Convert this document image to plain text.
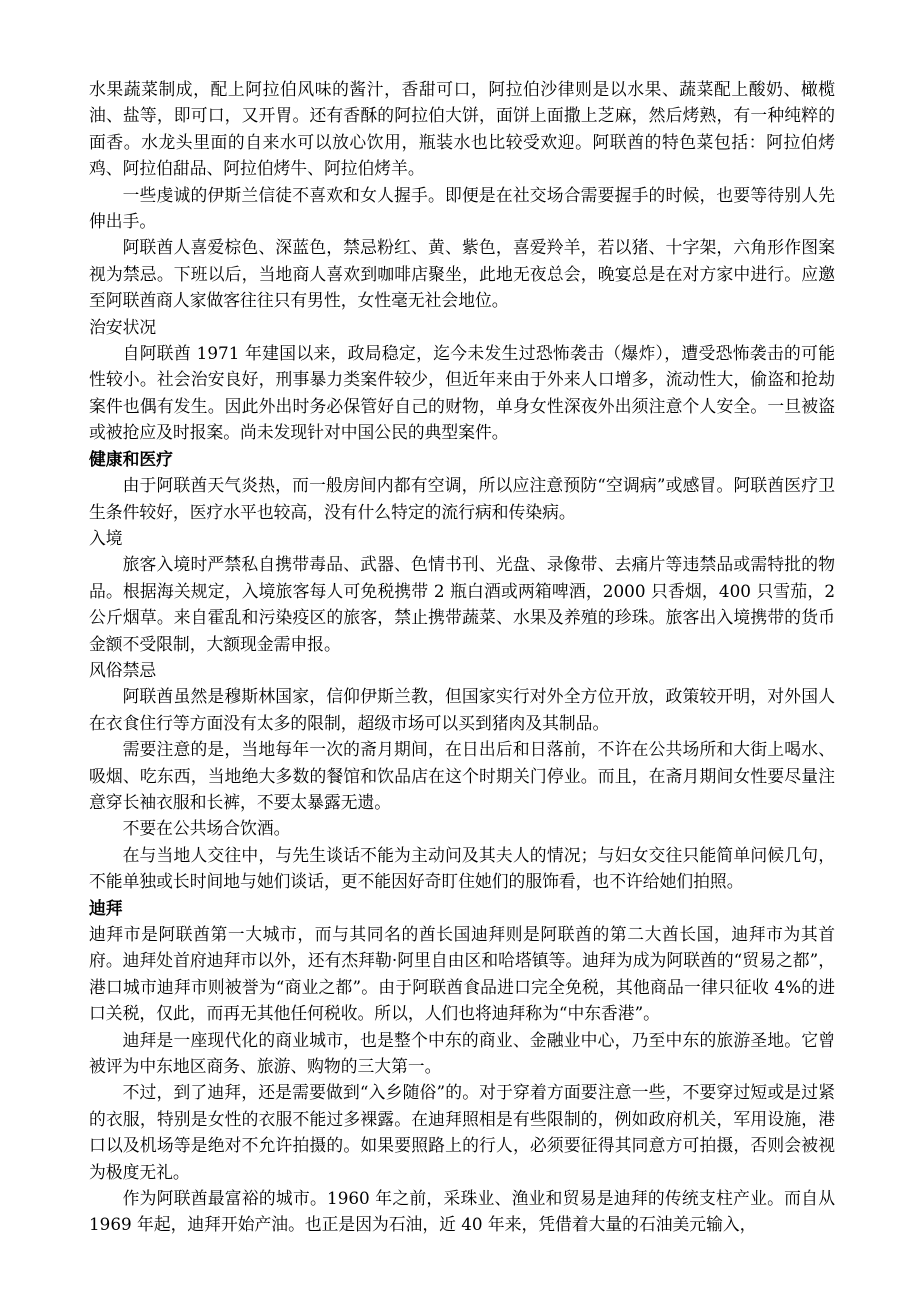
水果蔬菜制成，配上阿拉伯风味的酱汁，香甜可口，阿拉伯沙律则是以水果、蔬菜配上酸奶、橄榄油、盐等，即可口，又开胃。还有香酥的阿拉伯大饼，面饼上面撒上芝麻，然后烤熟，有一种纯粹的面香。水龙头里面的自来水可以放心饮用，瓶装水也比较受欢迎。阿联酋的特色菜包括：阿拉伯烤鸡、阿拉伯甜品、阿拉伯烤牛、阿拉伯烤羊。

一些虔诚的伊斯兰信徒不喜欢和女人握手。即便是在社交场合需要握手的时候，也要等待别人先伸出手。

阿联酋人喜爱棕色、深蓝色，禁忌粉红、黄、紫色，喜爱羚羊，若以猪、十字架，六角形作图案视为禁忌。下班以后，当地商人喜欢到咖啡店聚坐，此地无夜总会，晚宴总是在对方家中进行。应邀至阿联酋商人家做客往往只有男性，女性毫无社会地位。

治安状况

自阿联酋 1971 年建国以来，政局稳定，迄今未发生过恐怖袭击（爆炸），遭受恐怖袭击的可能性较小。社会治安良好，刑事暴力类案件较少，但近年来由于外来人口增多，流动性大，偷盗和抢劫案件也偶有发生。因此外出时务必保管好自己的财物，单身女性深夜外出须注意个人安全。一旦被盗或被抢应及时报案。尚未发现针对中国公民的典型案件。

健康和医疗

由于阿联酋天气炎热，而一般房间内都有空调，所以应注意预防“空调病”或感冒。阿联酋医疗卫生条件较好，医疗水平也较高，没有什么特定的流行病和传染病。

入境

旅客入境时严禁私自携带毒品、武器、色情书刊、光盘、录像带、去痛片等违禁品或需特批的物品。根据海关规定，入境旅客每人可免税携带 2 瓶白酒或两箱啤酒，2000 只香烟，400 只雪茄，2 公斤烟草。来自霍乱和污染疫区的旅客，禁止携带蔬菜、水果及养殖的珍珠。旅客出入境携带的货币金额不受限制，大额现金需申报。

风俗禁忌

阿联酋虽然是穆斯林国家，信仰伊斯兰教，但国家实行对外全方位开放，政策较开明，对外国人在衣食住行等方面没有太多的限制，超级市场可以买到猪肉及其制品。

需要注意的是，当地每年一次的斋月期间，在日出后和日落前，不许在公共场所和大街上喝水、吸烟、吃东西，当地绝大多数的餐馆和饮品店在这个时期关门停业。而且，在斋月期间女性要尽量注意穿长袖衣服和长裤，不要太暴露无遗。

不要在公共场合饮酒。

在与当地人交往中，与先生谈话不能为主动问及其夫人的情况；与妇女交往只能简单问候几句，不能单独或长时间地与她们谈话，更不能因好奇盯住她们的服饰看，也不许给她们拍照。

迪拜

迪拜市是阿联酋第一大城市，而与其同名的酋长国迪拜则是阿联酋的第二大酋长国，迪拜市为其首府。迪拜处首府迪拜市以外，还有杰拜勒·阿里自由区和哈塔镇等。迪拜为成为阿联酋的“贸易之都”，港口城市迪拜市则被誉为“商业之都”。由于阿联酋食品进口完全免税，其他商品一律只征收 4%的进口关税，仅此，而再无其他任何税收。所以，人们也将迪拜称为“中东香港”。

迪拜是一座现代化的商业城市，也是整个中东的商业、金融业中心，乃至中东的旅游圣地。它曾被评为中东地区商务、旅游、购物的三大第一。

不过，到了迪拜，还是需要做到“入乡随俗”的。对于穿着方面要注意一些，不要穿过短或是过紧的衣服，特别是女性的衣服不能过多裸露。在迪拜照相是有些限制的，例如政府机关，军用设施，港口以及机场等是绝对不允许拍摄的。如果要照路上的行人，必须要征得其同意方可拍摄，否则会被视为极度无礼。

作为阿联酋最富裕的城市。1960 年之前，采珠业、渔业和贸易是迪拜的传统支柱产业。而自从 1969 年起，迪拜开始产油。也正是因为石油，近 40 年来，凭借着大量的石油美元输入，
